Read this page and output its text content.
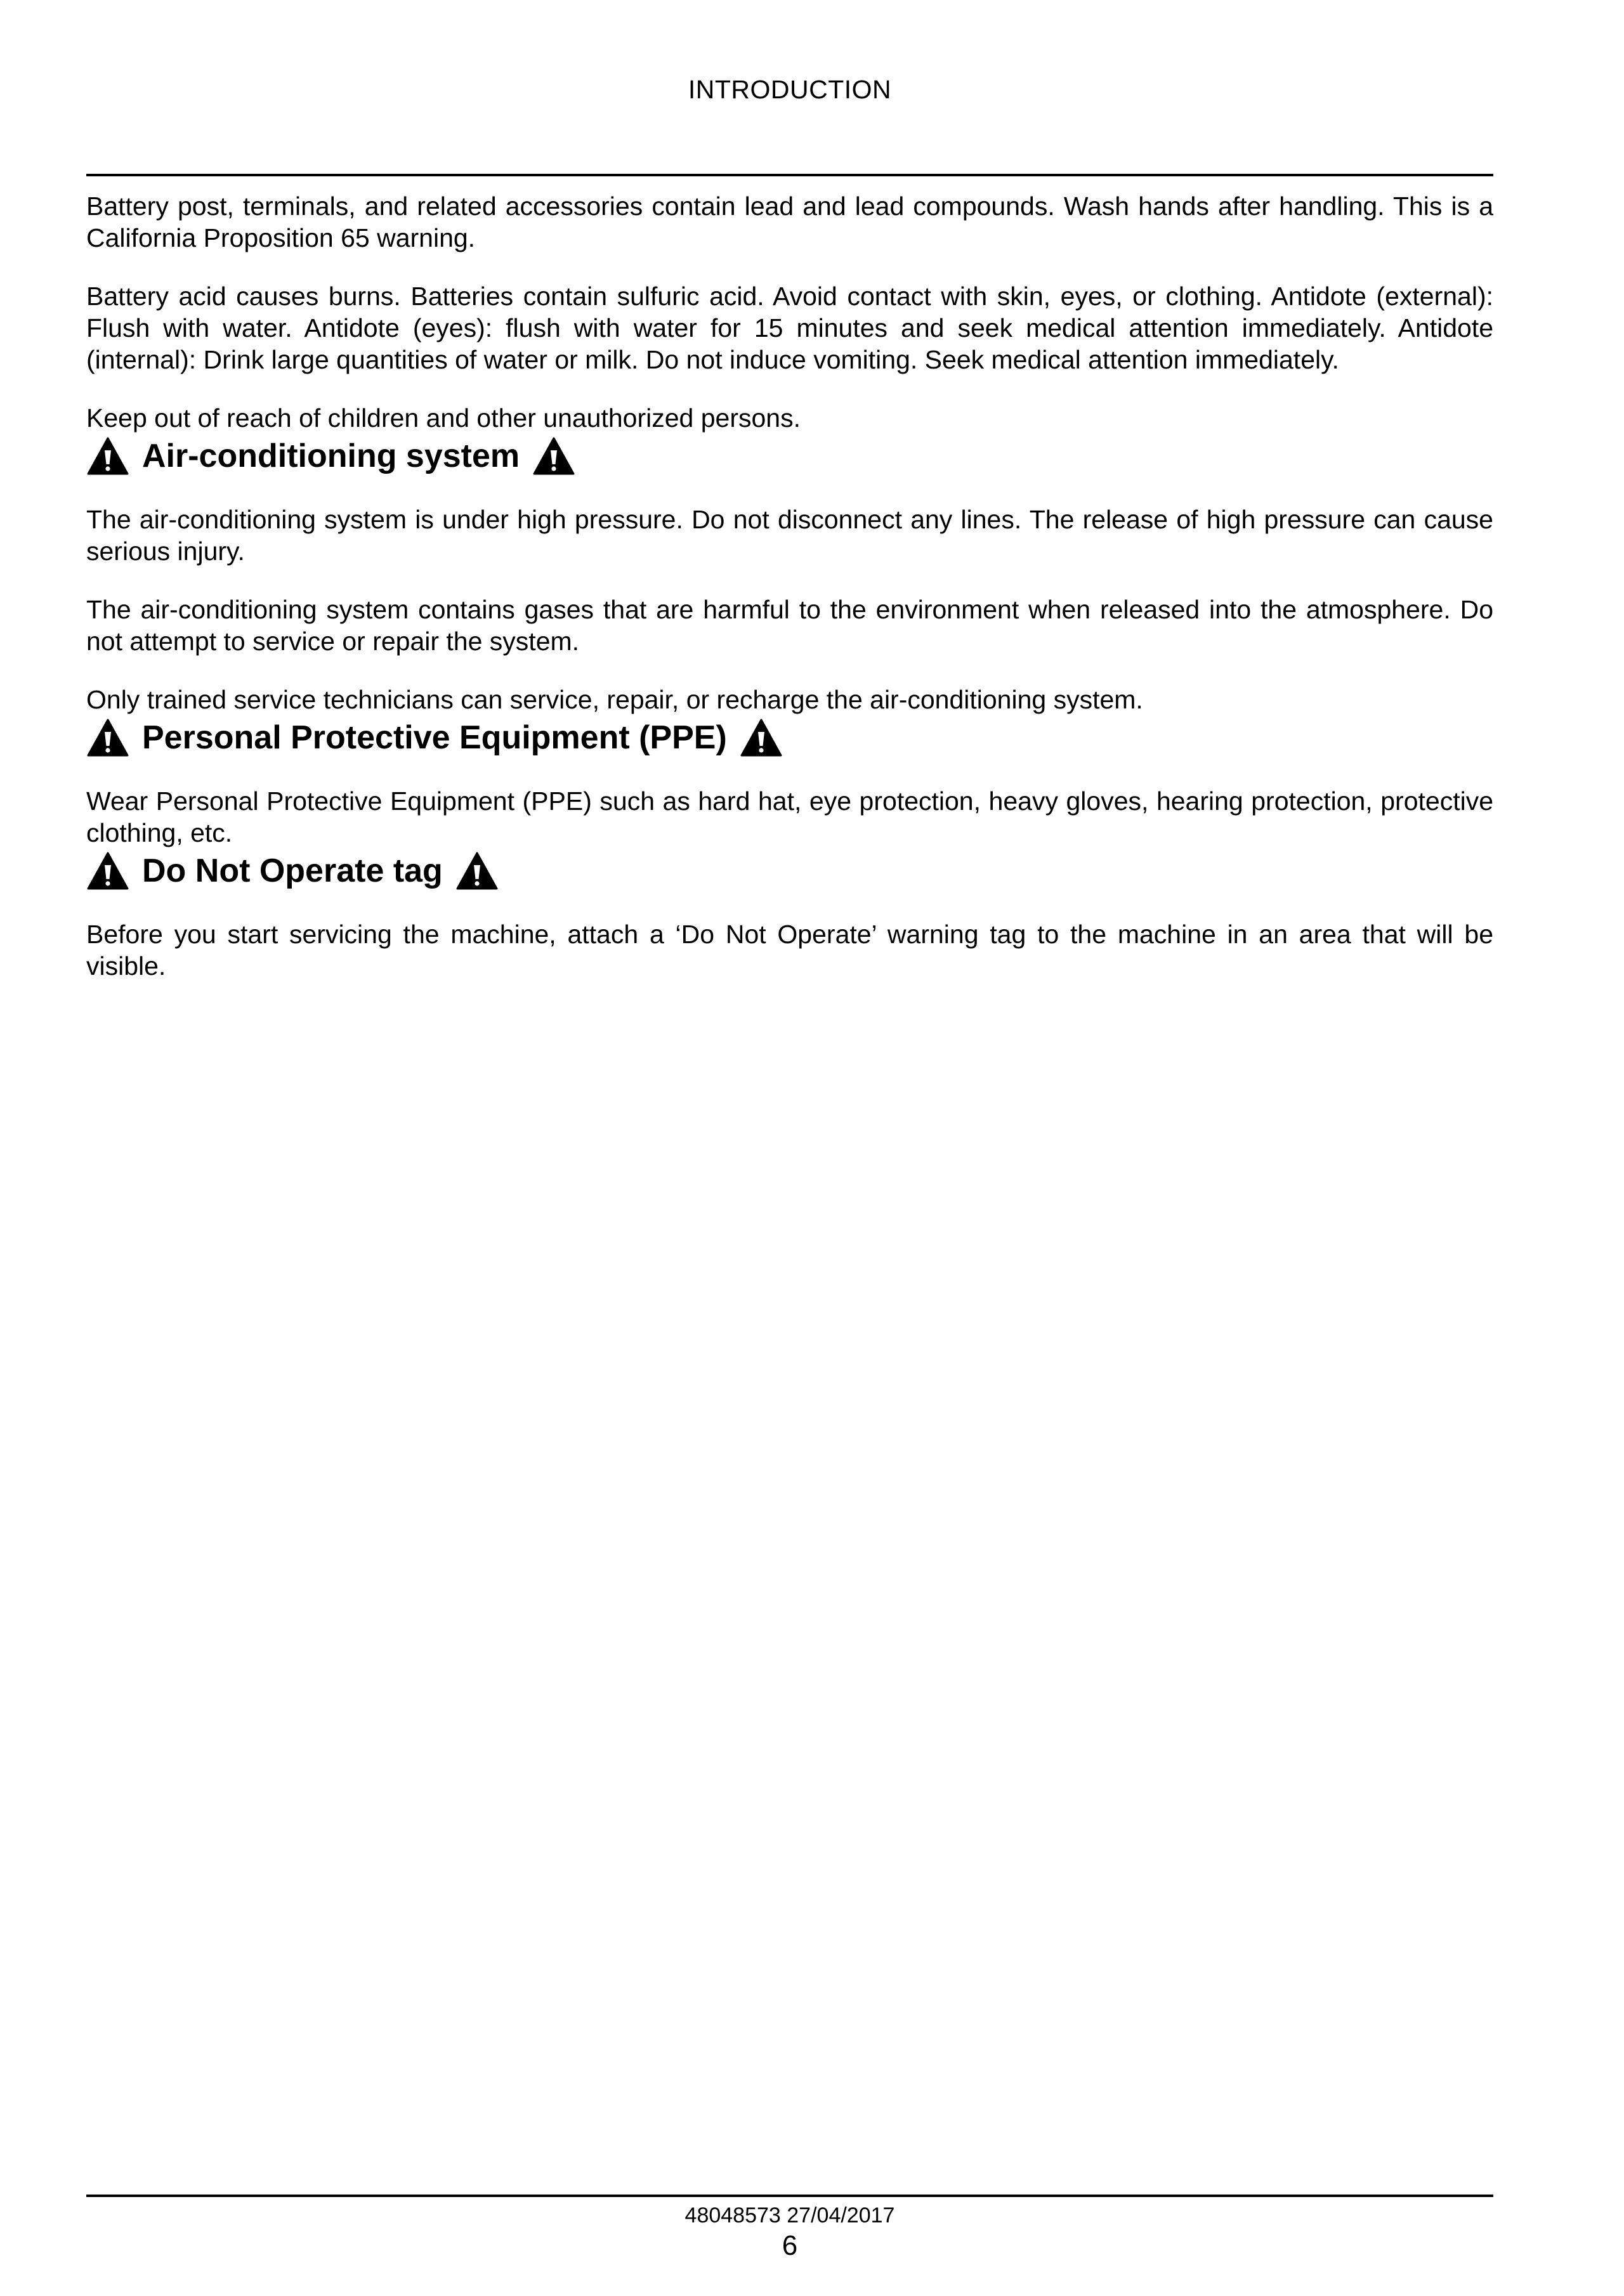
INTRODUCTION

Battery post, terminals, and related accessories contain lead and lead compounds. Wash hands after handling. This is a California Proposition 65 warning.

Battery acid causes burns. Batteries contain sulfuric acid. Avoid contact with skin, eyes, or clothing. Antidote (external): Flush with water. Antidote (eyes): flush with water for 15 minutes and seek medical attention immediately. Antidote (internal): Drink large quantities of water or milk. Do not induce vomiting. Seek medical attention immediately.

Keep out of reach of children and other unauthorized persons.

Air-conditioning system

The air-conditioning system is under high pressure. Do not disconnect any lines. The release of high pressure can cause serious injury.

The air-conditioning system contains gases that are harmful to the environment when released into the atmosphere. Do not attempt to service or repair the system.

Only trained service technicians can service, repair, or recharge the air-conditioning system.

Personal Protective Equipment (PPE)

Wear Personal Protective Equipment (PPE) such as hard hat, eye protection, heavy gloves, hearing protection, protective clothing, etc.

Do Not Operate tag

Before you start servicing the machine, attach a ‘Do Not Operate’ warning tag to the machine in an area that will be visible.

48048573 27/04/2017
6
